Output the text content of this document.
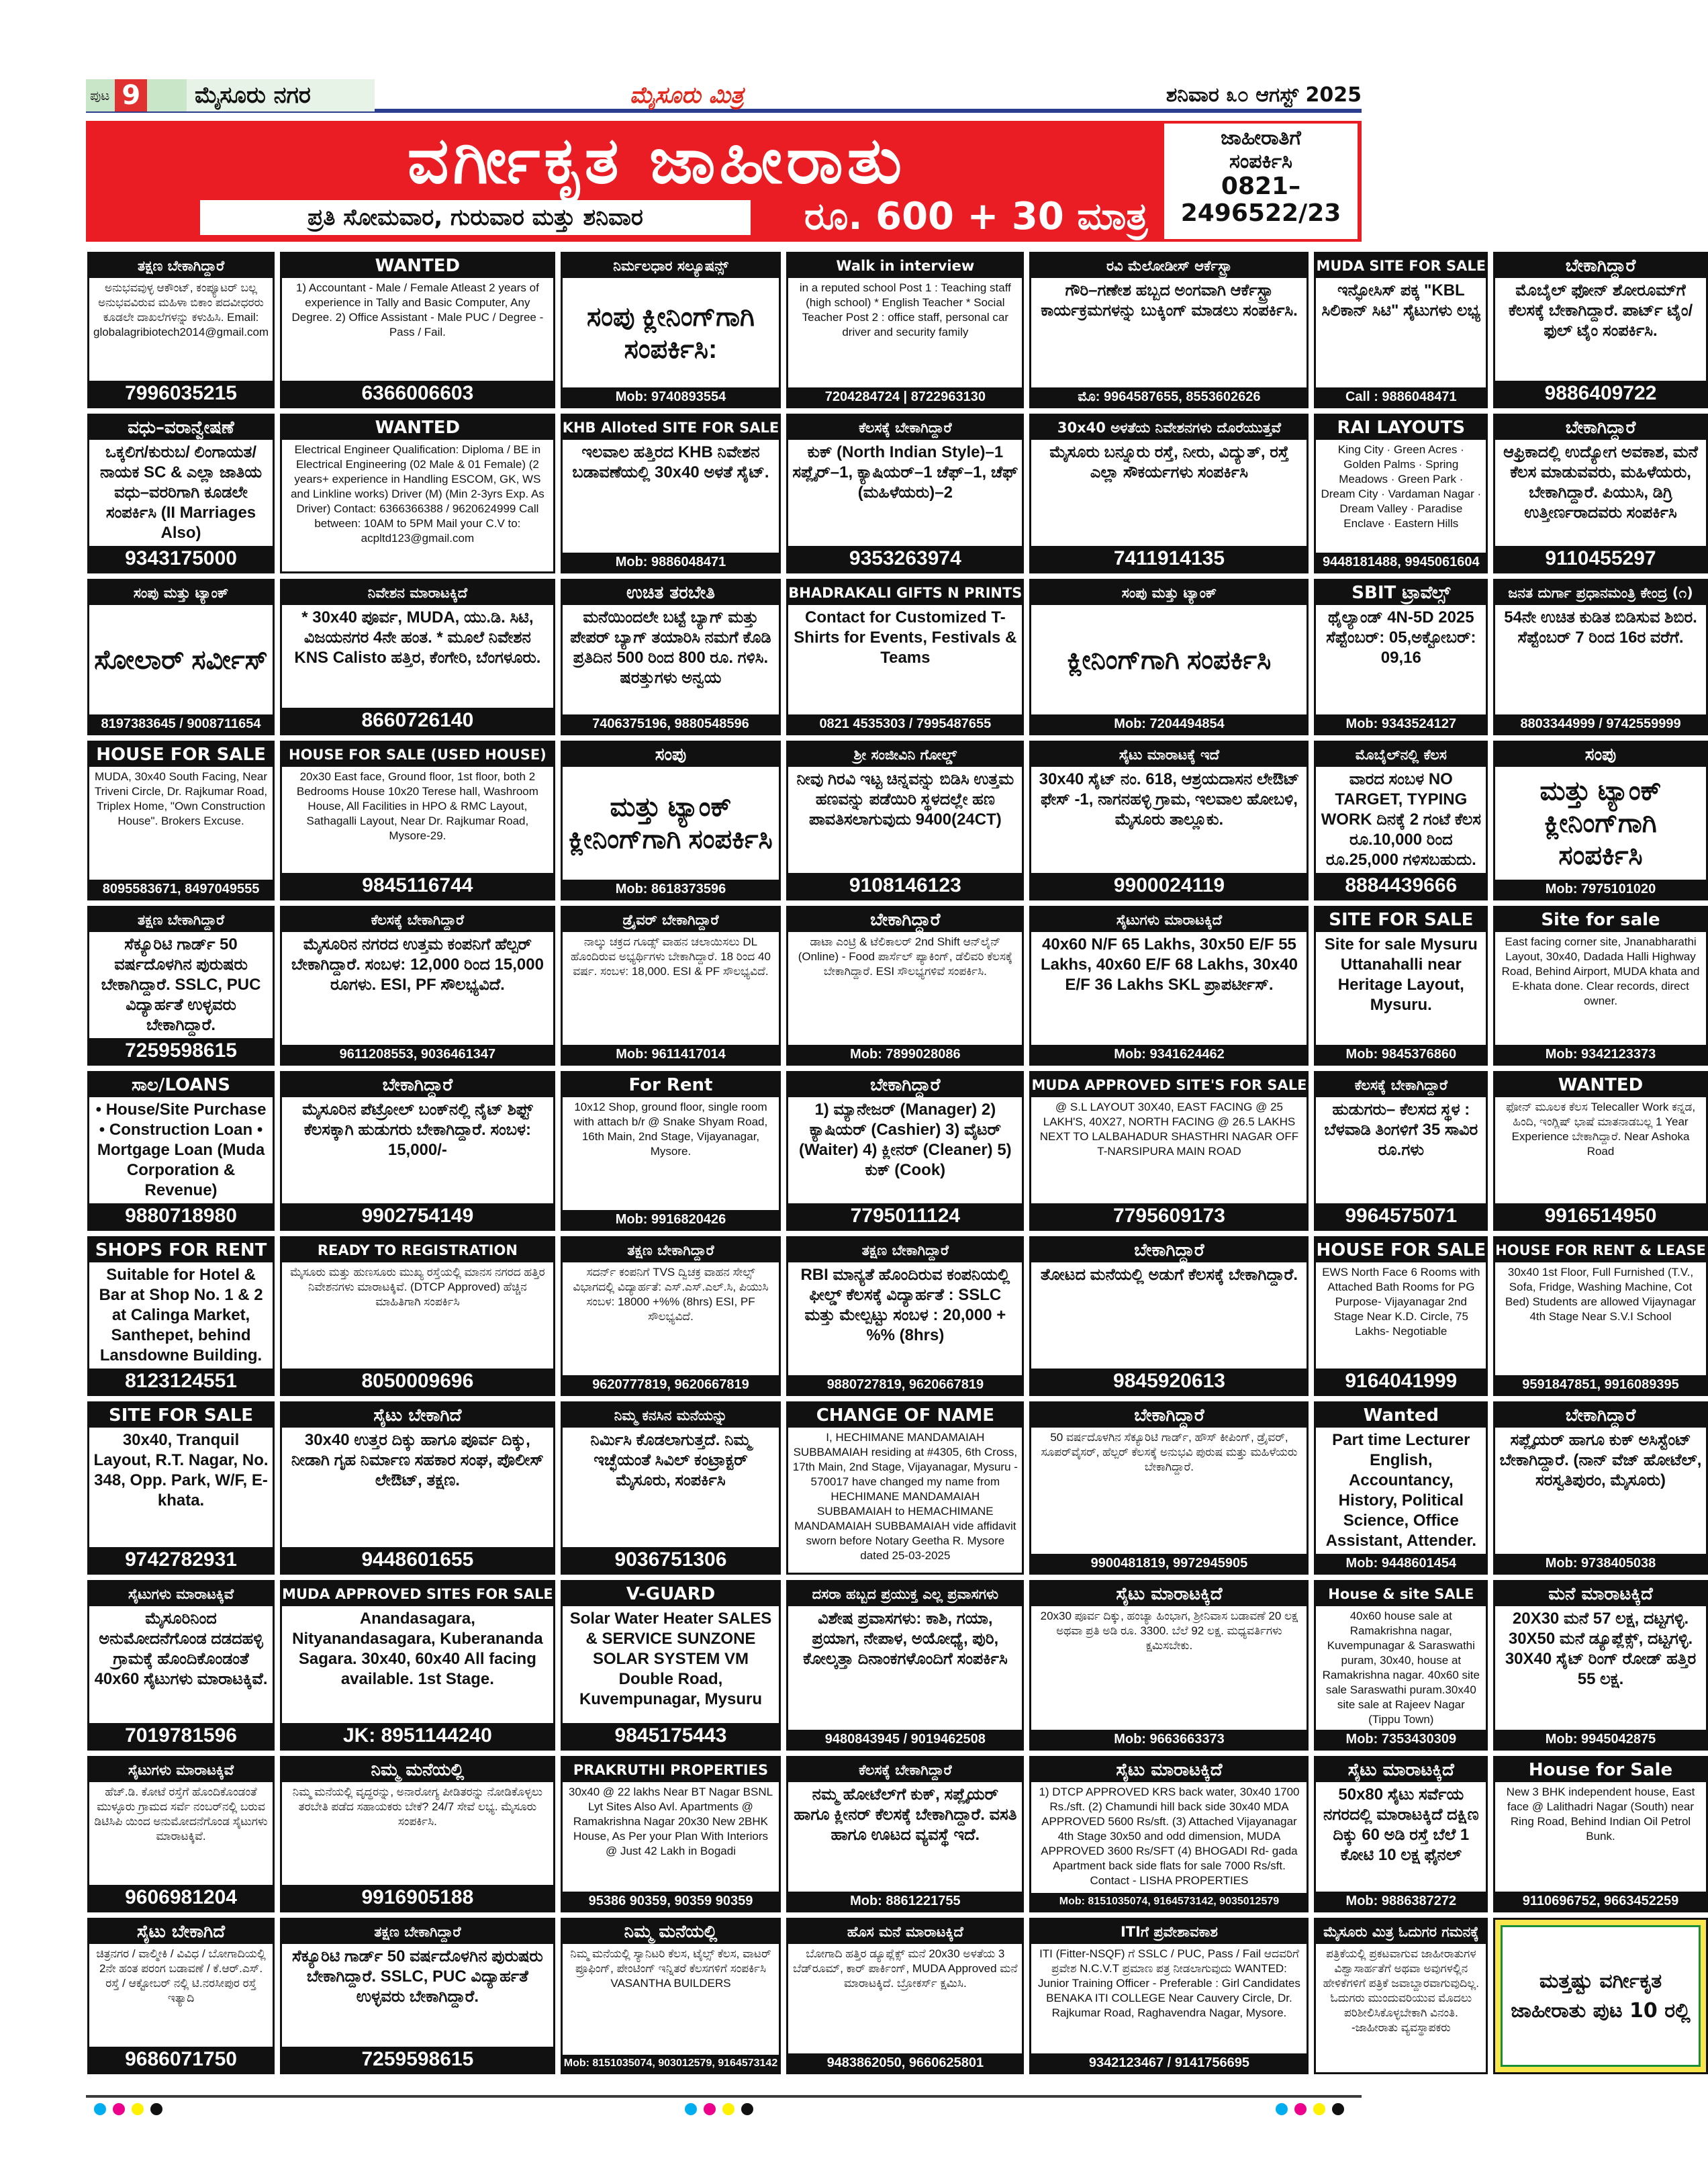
ಪುಟ 9	ಮೈಸೂರು ನಗರ	ಮೈಸೂರು ಮಿತ್ರ	ಶನಿವಾರ ೩೦ ಆಗಸ್ಟ್ 2025
ವರ್ಗೀಕೃತ ಜಾಹೀರಾತು
ಪ್ರತಿ ಸೋಮವಾರ, ಗುರುವಾರ ಮತ್ತು ಶನಿವಾರ	ರೂ. 600 + 30 ಮಾತ್ರ
ಜಾಹೀರಾತಿಗೆ
ಸಂಪರ್ಕಿಸಿ
0821–
2496522/23
ತಕ್ಷಣ ಬೇಕಾಗಿದ್ದಾರೆ
ಅನುಭವವುಳ್ಳ ಆಕೌಂಟ್, ಕಂಪ್ಯೂಟರ್ ಬಲ್ಲ ಅನುಭವವಿರುವ ಮಹಿಳಾ ಬಿಕಾಂ ಪದವೀಧರರು ಕೂಡಲೇ ದಾಖಲೆಗಳನ್ನು ಕಳುಹಿಸಿ. Email: globalagribiotech2014@gmail.com
7996035215
WANTED
1) Accountant - Male / Female Atleast 2 years of experience in Tally and Basic Computer, Any Degree. 2) Office Assistant - Male PUC / Degree - Pass / Fail.
6366006603
ನಿರ್ಮಲಧಾರ ಸಲ್ಯೂಷನ್ಸ್
ಸಂಪು ಕ್ಲೀನಿಂಗ್‌ಗಾಗಿ ಸಂಪರ್ಕಿಸಿ:
Mob: 9740893554
Walk in interview
in a reputed school Post 1 : Teaching staff (high school) * English Teacher * Social Teacher Post 2 : office staff, personal car driver and security family
7204284724 | 8722963130
ರವಿ ಮೆಲೋಡೀಸ್ ಆರ್ಕೆಸ್ಟ್ರಾ
ಗೌರಿ–ಗಣೇಶ ಹಬ್ಬದ ಅಂಗವಾಗಿ ಆರ್ಕೆಸ್ಟ್ರಾ ಕಾರ್ಯಕ್ರಮಗಳನ್ನು ಬುಕ್ಕಿಂಗ್ ಮಾಡಲು ಸಂಪರ್ಕಿಸಿ.
ಮೊ: 9964587655, 8553602626
MUDA SITE FOR SALE
ಇನ್ಫೋಸಿಸ್ ಪಕ್ಕ "KBL ಸಿಲಿಕಾನ್ ಸಿಟಿ" ಸೈಟುಗಳು ಲಭ್ಯ
Call : 9886048471
ಬೇಕಾಗಿದ್ದಾರೆ
ಮೊಬೈಲ್ ಫೋನ್ ಶೋರೂಮ್‌ಗೆ ಕೆಲಸಕ್ಕೆ ಬೇಕಾಗಿದ್ದಾರೆ. ಪಾರ್ಟ್ ಟೈಂ/ ಫುಲ್ ಟೈಂ ಸಂಪರ್ಕಿಸಿ.
9886409722
ವಧು–ವರಾನ್ವೇಷಣೆ
ಒಕ್ಕಲಿಗ/ಕುರುಬ/ ಲಿಂಗಾಯತ/ನಾಯಕ SC & ಎಲ್ಲಾ ಜಾತಿಯ ವಧು–ವರರಿಗಾಗಿ ಕೂಡಲೇ ಸಂಪರ್ಕಿಸಿ (II Marriages Also)
9343175000
WANTED
Electrical Engineer Qualification: Diploma / BE in Electrical Engineering (02 Male & 01 Female) (2 years+ experience in Handling ESCOM, GK, WS and Linkline works) Driver (M) (Min 2-3yrs Exp. As Driver) Contact: 6366366388 / 9620624999 Call between: 10AM to 5PM Mail your C.V to: acpltd123@gmail.com
KHB Alloted SITE FOR SALE
ಇಲವಾಲ ಹತ್ತಿರದ KHB ನಿವೇಶನ ಬಡಾವಣೆಯಲ್ಲಿ 30x40 ಅಳತೆ ಸೈಟ್.
Mob: 9886048471
ಕೆಲಸಕ್ಕೆ ಬೇಕಾಗಿದ್ದಾರೆ
ಕುಕ್ (North Indian Style)–1 ಸಪ್ಲೈರ್–1, ಕ್ಯಾಷಿಯರ್–1 ಚೆಫ್–1, ಚೆಫ್ (ಮಹಿಳೆಯರು)–2
9353263974
30x40 ಅಳತೆಯ ನಿವೇಶನಗಳು ದೊರೆಯುತ್ತವೆ
ಮೈಸೂರು ಬನ್ನೂರು ರಸ್ತೆ, ನೀರು, ವಿದ್ಯುತ್, ರಸ್ತೆ ಎಲ್ಲಾ ಸೌಕರ್ಯಗಳು ಸಂಪರ್ಕಿಸಿ
7411914135
RAI LAYOUTS
King City · Green Acres · Golden Palms · Spring Meadows · Green Park · Dream City · Vardaman Nagar · Dream Valley · Paradise Enclave · Eastern Hills
9448181488, 9945061604
ಬೇಕಾಗಿದ್ದಾರೆ
ಆಫ್ರಿಕಾದಲ್ಲಿ ಉದ್ಯೋಗ ಅವಕಾಶ, ಮನೆ ಕೆಲಸ ಮಾಡುವವರು, ಮಹಿಳೆಯರು, ಬೇಕಾಗಿದ್ದಾರೆ. ಪಿಯುಸಿ, ಡಿಗ್ರಿ ಉತ್ತೀರ್ಣರಾದವರು ಸಂಪರ್ಕಿಸಿ
9110455297
ಸಂಪು ಮತ್ತು ಟ್ಯಾಂಕ್
ಸೋಲಾರ್ ಸರ್ವೀಸ್
8197383645 / 9008711654
ನಿವೇಶನ ಮಾರಾಟಕ್ಕಿದೆ
* 30x40 ಪೂರ್ವ, MUDA, ಯು.ಡಿ. ಸಿಟಿ, ವಿಜಯನಗರ 4ನೇ ಹಂತ. * ಮೂಲೆ ನಿವೇಶನ KNS Calisto ಹತ್ತಿರ, ಕೆಂಗೇರಿ, ಬೆಂಗಳೂರು.
8660726140
ಉಚಿತ ತರಬೇತಿ
ಮನೆಯಿಂದಲೇ ಬಟ್ಟೆ ಬ್ಯಾಗ್ ಮತ್ತು ಪೇಪರ್ ಬ್ಯಾಗ್ ತಯಾರಿಸಿ ನಮಗೆ ಕೊಡಿ ಪ್ರತಿದಿನ 500 ರಿಂದ 800 ರೂ. ಗಳಿಸಿ. ಷರತ್ತುಗಳು ಅನ್ವಯ
7406375196, 9880548596
BHADRAKALI GIFTS N PRINTS
Contact for Customized T-Shirts for Events, Festivals & Teams
0821 4535303 / 7995487655
ಸಂಪು ಮತ್ತು ಟ್ಯಾಂಕ್
ಕ್ಲೀನಿಂಗ್‌ಗಾಗಿ ಸಂಪರ್ಕಿಸಿ
Mob: 7204494854
SBIT ಟ್ರಾವೆಲ್ಸ್
ಥೈಲ್ಯಾಂಡ್ 4N-5D 2025 ಸೆಪ್ಟೆಂಬರ್: 05,ಅಕ್ಟೋಬರ್: 09,16
Mob: 9343524127
ಜನತ ದುರ್ಗಾ ಪ್ರಧಾನಮಂತ್ರಿ ಕೇಂದ್ರ (೧)
54ನೇ ಉಚಿತ ಕುಡಿತ ಬಿಡಿಸುವ ಶಿಬಿರ. ಸೆಪ್ಟೆಂಬರ್ 7 ರಿಂದ 16ರ ವರೆಗೆ.
8803344999 / 9742559999
HOUSE FOR SALE
MUDA, 30x40 South Facing, Near Triveni Circle, Dr. Rajkumar Road, Triplex Home, "Own Construction House". Brokers Excuse.
8095583671, 8497049555
HOUSE FOR SALE (USED HOUSE)
20x30 East face, Ground floor, 1st floor, both 2 Bedrooms House 10x20 Terese hall, Washroom House, All Facilities in HPO & RMC Layout, Sathagalli Layout, Near Dr. Rajkumar Road, Mysore-29.
9845116744
ಸಂಪು
ಮತ್ತು ಟ್ಯಾಂಕ್ ಕ್ಲೀನಿಂಗ್‌ಗಾಗಿ ಸಂಪರ್ಕಿಸಿ
Mob: 8618373596
ಶ್ರೀ ಸಂಜೀವಿನಿ ಗೋಲ್ಡ್
ನೀವು ಗಿರವಿ ಇಟ್ಟ ಚಿನ್ನವನ್ನು ಬಿಡಿಸಿ ಉತ್ತಮ ಹಣವನ್ನು ಪಡೆಯಿರಿ ಸ್ಥಳದಲ್ಲೇ ಹಣ ಪಾವತಿಸಲಾಗುವುದು 9400(24CT)
9108146123
ಸೈಟು ಮಾರಾಟಕ್ಕೆ ಇದೆ
30x40 ಸೈಟ್ ನಂ. 618, ಆಶ್ರಯದಾಸನ ಲೇಔಟ್ ಫೇಸ್ -1, ನಾಗನಹಳ್ಳಿ ಗ್ರಾಮ, ಇಲವಾಲ ಹೋಬಳಿ, ಮೈಸೂರು ತಾಲ್ಲೂಕು.
9900024119
ಮೊಬೈಲ್‌ನಲ್ಲಿ ಕೆಲಸ
ವಾರದ ಸಂಬಳ NO TARGET, TYPING WORK ದಿನಕ್ಕೆ 2 ಗಂಟೆ ಕೆಲಸ ರೂ.10,000 ರಿಂದ ರೂ.25,000 ಗಳಿಸಬಹುದು.
8884439666
ಸಂಪು
ಮತ್ತು ಟ್ಯಾಂಕ್ ಕ್ಲೀನಿಂಗ್‌ಗಾಗಿ ಸಂಪರ್ಕಿಸಿ
Mob: 7975101020
ತಕ್ಷಣ ಬೇಕಾಗಿದ್ದಾರೆ
ಸೆಕ್ಯೂರಿಟಿ ಗಾರ್ಡ್ 50 ವರ್ಷದೊಳಗಿನ ಪುರುಷರು ಬೇಕಾಗಿದ್ದಾರೆ. SSLC, PUC ವಿದ್ಯಾರ್ಹತೆ ಉಳ್ಳವರು ಬೇಕಾಗಿದ್ದಾರೆ.
7259598615
ಕೆಲಸಕ್ಕೆ ಬೇಕಾಗಿದ್ದಾರೆ
ಮೈಸೂರಿನ ನಗರದ ಉತ್ತಮ ಕಂಪನಿಗೆ ಹೆಲ್ಪರ್ ಬೇಕಾಗಿದ್ದಾರೆ. ಸಂಬಳ: 12,000 ರಿಂದ 15,000 ರೂಗಳು. ESI, PF ಸೌಲಭ್ಯವಿದೆ.
9611208553, 9036461347
ಡ್ರೈವರ್ ಬೇಕಾಗಿದ್ದಾರೆ
ನಾಲ್ಕು ಚಕ್ರದ ಗೂಡ್ಸ್ ವಾಹನ ಚಲಾಯಿಸಲು DL ಹೊಂದಿರುವ ಅಭ್ಯರ್ಥಿಗಳು ಬೇಕಾಗಿದ್ದಾರೆ. 18 ರಿಂದ 40 ವರ್ಷ. ಸಂಬಳ: 18,000. ESI & PF ಸೌಲಭ್ಯವಿದೆ.
Mob: 9611417014
ಬೇಕಾಗಿದ್ದಾರೆ
ಡಾಟಾ ಎಂಟ್ರಿ & ಟೆಲಿಕಾಲರ್ 2nd Shift ಆನ್‌ಲೈನ್ (Online) - Food ಪಾರ್ಸೆಲ್ ಪ್ಯಾಕಿಂಗ್, ಡೆಲಿವರಿ ಕೆಲಸಕ್ಕೆ ಬೇಕಾಗಿದ್ದಾರೆ. ESI ಸೌಲಭ್ಯಗಳಿವೆ ಸಂಪರ್ಕಿಸಿ.
Mob: 7899028086
ಸೈಟುಗಳು ಮಾರಾಟಕ್ಕಿದೆ
40x60 N/F 65 Lakhs, 30x50 E/F 55 Lakhs, 40x60 E/F 68 Lakhs, 30x40 E/F 36 Lakhs SKL ಪ್ರಾಪರ್ಟೀಸ್.
Mob: 9341624462
SITE FOR SALE
Site for sale Mysuru Uttanahalli near Heritage Layout, Mysuru.
Mob: 9845376860
Site for sale
East facing corner site, Jnanabharathi Layout, 30x40, Dadada Halli Highway Road, Behind Airport, MUDA khata and E-khata done. Clear records, direct owner.
Mob: 9342123373
ಸಾಲ/LOANS
• House/Site Purchase • Construction Loan • Mortgage Loan (Muda Corporation & Revenue)
9880718980
ಬೇಕಾಗಿದ್ದಾರೆ
ಮೈಸೂರಿನ ಪೆಟ್ರೋಲ್ ಬಂಕ್‌ನಲ್ಲಿ ನೈಟ್ ಶಿಫ್ಟ್ ಕೆಲಸಕ್ಕಾಗಿ ಹುಡುಗರು ಬೇಕಾಗಿದ್ದಾರೆ. ಸಂಬಳ: 15,000/-
9902754149
For Rent
10x12 Shop, ground floor, single room with attach b/r @ Snake Shyam Road, 16th Main, 2nd Stage, Vijayanagar, Mysore.
Mob: 9916820426
ಬೇಕಾಗಿದ್ದಾರೆ
1) ಮ್ಯಾನೇಜರ್ (Manager) 2) ಕ್ಯಾಷಿಯರ್ (Cashier) 3) ವೈಟರ್ (Waiter) 4) ಕ್ಲೀನರ್ (Cleaner) 5) ಕುಕ್ (Cook)
7795011124
MUDA APPROVED SITE'S FOR SALE
@ S.L LAYOUT 30X40, EAST FACING @ 25 LAKH'S, 40X27, NORTH FACING @ 26.5 LAKHS NEXT TO LALBAHADUR SHASTHRI NAGAR OFF T-NARSIPURA MAIN ROAD
7795609173
ಕೆಲಸಕ್ಕೆ ಬೇಕಾಗಿದ್ದಾರೆ
ಹುಡುಗರು– ಕೆಲಸದ ಸ್ಥಳ : ಬೆಳವಾಡಿ ತಿಂಗಳಿಗೆ 35 ಸಾವಿರ ರೂ.ಗಳು
9964575071
WANTED
ಫೋನ್ ಮೂಲಕ ಕೆಲಸ Telecaller Work ಕನ್ನಡ, ಹಿಂದಿ, ಇಂಗ್ಲಿಷ್ ಭಾಷೆ ಮಾತನಾಡಬಲ್ಲ 1 Year Experience ಬೇಕಾಗಿದ್ದಾರೆ. Near Ashoka Road
9916514950
SHOPS FOR RENT
Suitable for Hotel & Bar at Shop No. 1 & 2 at Calinga Market, Santhepet, behind Lansdowne Building.
8123124551
READY TO REGISTRATION
ಮೈಸೂರು ಮತ್ತು ಹುಣಸೂರು ಮುಖ್ಯ ರಸ್ತೆಯಲ್ಲಿ ಮಾನಸ ನಗರದ ಹತ್ತಿರ ನಿವೇಶನಗಳು ಮಾರಾಟಕ್ಕಿವೆ. (DTCP Approved) ಹೆಚ್ಚಿನ ಮಾಹಿತಿಗಾಗಿ ಸಂಪರ್ಕಿಸಿ
8050009696
ತಕ್ಷಣ ಬೇಕಾಗಿದ್ದಾರೆ
ಸದರ್ನ್ ಕಂಪನಿಗೆ TVS ದ್ವಿಚಕ್ರ ವಾಹನ ಸೇಲ್ಸ್ ವಿಭಾಗದಲ್ಲಿ ವಿದ್ಯಾರ್ಹತೆ: ಎಸ್.ಎಸ್.ಎಲ್.ಸಿ, ಪಿಯುಸಿ ಸಂಬಳ: 18000 +%% (8hrs) ESI, PF ಸೌಲಭ್ಯವಿದೆ.
9620777819, 9620667819
ತಕ್ಷಣ ಬೇಕಾಗಿದ್ದಾರೆ
RBI ಮಾನ್ಯತೆ ಹೊಂದಿರುವ ಕಂಪನಿಯಲ್ಲಿ ಫೀಲ್ಡ್ ಕೆಲಸಕ್ಕೆ ವಿದ್ಯಾರ್ಹತೆ : SSLC ಮತ್ತು ಮೇಲ್ಪಟ್ಟು ಸಂಬಳ : 20,000 + %% (8hrs)
9880727819, 9620667819
ಬೇಕಾಗಿದ್ದಾರೆ
ತೋಟದ ಮನೆಯಲ್ಲಿ ಅಡುಗೆ ಕೆಲಸಕ್ಕೆ ಬೇಕಾಗಿದ್ದಾರೆ.
9845920613
HOUSE FOR SALE
EWS North Face 6 Rooms with Attached Bath Rooms for PG Purpose- Vijayanagar 2nd Stage Near K.D. Circle, 75 Lakhs- Negotiable
9164041999
HOUSE FOR RENT & LEASE
30x40 1st Floor, Full Furnished (T.V., Sofa, Fridge, Washing Machine, Cot Bed) Students are allowed Vijaynagar 4th Stage Near S.V.I School
9591847851, 9916089395
SITE FOR SALE
30x40, Tranquil Layout, R.T. Nagar, No. 348, Opp. Park, W/F, E-khata.
9742782931
ಸೈಟು ಬೇಕಾಗಿದೆ
30x40 ಉತ್ತರ ದಿಕ್ಕು ಹಾಗೂ ಪೂರ್ವ ದಿಕ್ಕು, ನೀಡಾಗಿ ಗೃಹ ನಿರ್ಮಾಣ ಸಹಕಾರ ಸಂಘ, ಪೊಲೀಸ್ ಲೇಔಟ್, ತಕ್ಷಣ.
9448601655
ನಿಮ್ಮ ಕನಸಿನ ಮನೆಯನ್ನು
ನಿರ್ಮಿಸಿ ಕೊಡಲಾಗುತ್ತದೆ. ನಿಮ್ಮ ಇಚ್ಛೆಯಂತೆ ಸಿವಿಲ್ ಕಂಟ್ರಾಕ್ಟರ್ ಮೈಸೂರು, ಸಂಪರ್ಕಿಸಿ
9036751306
CHANGE OF NAME
I, HECHIMANE MANDAMAIAH SUBBAMAIAH residing at #4305, 6th Cross, 17th Main, 2nd Stage, Vijayanagar, Mysuru - 570017 have changed my name from HECHIMANE MANDAMAIAH SUBBAMAIAH to HEMACHIMANE MANDAMAIAH SUBBAMAIAH vide affidavit sworn before Notary Geetha R. Mysore dated 25-03-2025
ಬೇಕಾಗಿದ್ದಾರೆ
50 ವರ್ಷದೊಳಗಿನ ಸೆಕ್ಯೂರಿಟಿ ಗಾರ್ಡ್, ಹೌಸ್ ಕೀಪಿಂಗ್, ಡ್ರೈವರ್, ಸೂಪರ್‌ವೈಸರ್, ಹೆಲ್ಪರ್ ಕೆಲಸಕ್ಕೆ ಅನುಭವಿ ಪುರುಷ ಮತ್ತು ಮಹಿಳೆಯರು ಬೇಕಾಗಿದ್ದಾರೆ.
9900481819, 9972945905
Wanted
Part time Lecturer English, Accountancy, History, Political Science, Office Assistant, Attender.
Mob: 9448601454
ಬೇಕಾಗಿದ್ದಾರೆ
ಸಪ್ಲೈಯರ್ ಹಾಗೂ ಕುಕ್ ಅಸಿಸ್ಟೆಂಟ್ ಬೇಕಾಗಿದ್ದಾರೆ. (ನಾನ್ ವೆಜ್ ಹೋಟೆಲ್, ಸರಸ್ವತಿಪುರಂ, ಮೈಸೂರು)
Mob: 9738405038
ಸೈಟುಗಳು ಮಾರಾಟಕ್ಕಿವೆ
ಮೈಸೂರಿನಿಂದ ಅನುಮೋದನೆಗೊಂಡ ದಡದಹಳ್ಳಿ ಗ್ರಾಮಕ್ಕೆ ಹೊಂದಿಕೊಂಡಂತೆ 40x60 ಸೈಟುಗಳು ಮಾರಾಟಕ್ಕಿವೆ.
7019781596
MUDA APPROVED SITES FOR SALE
Anandasagara, Nityanandasagara, Kuberananda Sagara. 30x40, 60x40 All facing available. 1st Stage.
JK: 8951144240
V-GUARD
Solar Water Heater SALES & SERVICE SUNZONE SOLAR SYSTEM VM Double Road, Kuvempunagar, Mysuru
9845175443
ದಸರಾ ಹಬ್ಬದ ಪ್ರಯುಕ್ತ ಎಲ್ಲ ಪ್ರವಾಸಗಳು
ವಿಶೇಷ ಪ್ರವಾಸಗಳು: ಕಾಶಿ, ಗಯಾ, ಪ್ರಯಾಗ, ನೇಪಾಳ, ಅಯೋಧ್ಯೆ, ಪುರಿ, ಕೋಲ್ಕತ್ತಾ ದಿನಾಂಕಗಳೊಂದಿಗೆ ಸಂಪರ್ಕಿಸಿ
9480843945 / 9019462508
ಸೈಟು ಮಾರಾಟಕ್ಕಿದೆ
20x30 ಪೂರ್ವ ದಿಕ್ಕು, ಹಂಚ್ಯಾ ಹಿಂಭಾಗ, ಶ್ರೀನಿವಾಸ ಬಡಾವಣೆ 20 ಲಕ್ಷ ಅಥವಾ ಪ್ರತಿ ಅಡಿ ರೂ. 3300. ಬೆಲೆ 92 ಲಕ್ಷ. ಮಧ್ಯವರ್ತಿಗಳು ಕ್ಷಮಿಸಬೇಕು.
Mob: 9663663373
House & site SALE
40x60 house sale at Ramakrishna nagar, Kuvempunagar & Saraswathi puram, 30x40, house at Ramakrishna nagar. 40x60 site sale Saraswathi puram.30x40 site sale at Rajeev Nagar (Tippu Town)
Mob: 7353430309
ಮನೆ ಮಾರಾಟಕ್ಕಿದೆ
20X30 ಮನೆ 57 ಲಕ್ಷ, ದಟ್ಟಗಳ್ಳಿ. 30X50 ಮನೆ ಡ್ಯೂಪ್ಲೆಕ್ಸ್, ದಟ್ಟಗಳ್ಳಿ. 30X40 ಸೈಟ್ ರಿಂಗ್ ರೋಡ್ ಹತ್ತಿರ 55 ಲಕ್ಷ.
Mob: 9945042875
ಸೈಟುಗಳು ಮಾರಾಟಕ್ಕಿವೆ
ಹೆಚ್.ಡಿ. ಕೋಟೆ ರಸ್ತೆಗೆ ಹೊಂದಿಕೊಂಡಂತೆ ಮುಳ್ಳೂರು ಗ್ರಾಮದ ಸರ್ವೆ ನಂಬರ್‌ನಲ್ಲಿ ಬರುವ ಡಿಟಿಸಿಪಿ ಯಿಂದ ಅನುಮೋದನೆಗೊಂಡ ಸೈಟುಗಳು ಮಾರಾಟಕ್ಕಿವೆ.
9606981204
ನಿಮ್ಮ ಮನೆಯಲ್ಲಿ
ನಿಮ್ಮ ಮನೆಯಲ್ಲಿ ವೃದ್ಧರನ್ನು, ಅನಾರೋಗ್ಯ ಪೀಡಿತರನ್ನು ನೋಡಿಕೊಳ್ಳಲು ತರಬೇತಿ ಪಡೆದ ಸಹಾಯಕರು ಬೇಕೆ? 24/7 ಸೇವೆ ಲಭ್ಯ. ಮೈಸೂರು ಸಂಪರ್ಕಿಸಿ.
9916905188
PRAKRUTHI PROPERTIES
30x40 @ 22 lakhs Near BT Nagar BSNL Lyt Sites Also Avl. Apartments @ Ramakrishna Nagar 20x30 New 2BHK House, As Per your Plan With Interiors @ Just 42 Lakh in Bogadi
95386 90359, 90359 90359
ಕೆಲಸಕ್ಕೆ ಬೇಕಾಗಿದ್ದಾರೆ
ನಮ್ಮ ಹೋಟೆಲ್‌ಗೆ ಕುಕ್, ಸಪ್ಲೈಯರ್ ಹಾಗೂ ಕ್ಲೀನರ್ ಕೆಲಸಕ್ಕೆ ಬೇಕಾಗಿದ್ದಾರೆ. ವಸತಿ ಹಾಗೂ ಊಟದ ವ್ಯವಸ್ಥೆ ಇದೆ.
Mob: 8861221755
ಸೈಟು ಮಾರಾಟಕ್ಕಿದೆ
1) DTCP APPROVED KRS back water, 30x40 1700 Rs./sft. (2) Chamundi hill back side 30x40 MDA APPROVED 5600 Rs/sft. (3) Attached Vijayanagar 4th Stage 30x50 and odd dimension, MUDA APPROVED 3600 Rs/SFT (4) BHOGADI Rd- gada Apartment back side flats for sale 7000 Rs/sft. Contact - LISHA PROPERTIES
Mob: 8151035074, 9164573142, 9035012579
ಸೈಟು ಮಾರಾಟಕ್ಕಿದೆ
50x80 ಸೈಟು ಸರ್ವೆಯ ನಗರದಲ್ಲಿ ಮಾರಾಟಕ್ಕಿದೆ ದಕ್ಷಿಣ ದಿಕ್ಕು 60 ಅಡಿ ರಸ್ತೆ ಬೆಲೆ 1 ಕೋಟಿ 10 ಲಕ್ಷ ಫೈನಲ್
Mob: 9886387272
House for Sale
New 3 BHK independent house, East face @ Lalithadri Nagar (South) near Ring Road, Behind Indian Oil Petrol Bunk.
9110696752, 9663452259
ಸೈಟು ಬೇಕಾಗಿದೆ
ಚಿತ್ರನಗರ / ವಾಲ್ಮೀಕಿ / ವಿವಿಧ / ಬೋಗಾದಿಯಲ್ಲಿ 2ನೇ ಹಂತ ಪರಂಗ ಬಡಾವಣೆ / ಕೆ.ಆರ್.ಎಸ್. ರಸ್ತೆ / ಆಕ್ಟೋಬರ್ ನಲ್ಲಿ ಟಿ.ನರಸೀಪುರ ರಸ್ತೆ ಇತ್ಯಾದಿ
9686071750
ತಕ್ಷಣ ಬೇಕಾಗಿದ್ದಾರೆ
ಸೆಕ್ಯೂರಿಟಿ ಗಾರ್ಡ್ 50 ವರ್ಷದೊಳಗಿನ ಪುರುಷರು ಬೇಕಾಗಿದ್ದಾರೆ. SSLC, PUC ವಿದ್ಯಾರ್ಹತೆ ಉಳ್ಳವರು ಬೇಕಾಗಿದ್ದಾರೆ.
7259598615
ನಿಮ್ಮ ಮನೆಯಲ್ಲಿ
ನಿಮ್ಮ ಮನೆಯಲ್ಲಿ ಸ್ಯಾನಿಟರಿ ಕೆಲಸ, ಟೈಲ್ಸ್ ಕೆಲಸ, ವಾಟರ್ ಪ್ರೂಫಿಂಗ್, ಪೇಂಟಿಂಗ್ ಇನ್ನಿತರೆ ಕೆಲಸಗಳಿಗೆ ಸಂಪರ್ಕಿಸಿ VASANTHA BUILDERS
Mob: 8151035074, 903012579, 9164573142
ಹೊಸ ಮನೆ ಮಾರಾಟಕ್ಕಿದೆ
ಬೋಗಾದಿ ಹತ್ತಿರ ಡ್ಯೂಪ್ಲೆಕ್ಸ್ ಮನೆ 20x30 ಅಳತೆಯ 3 ಬೆಡ್‌ರೂಮ್, ಕಾರ್ ಪಾರ್ಕಿಂಗ್, MUDA Approved ಮನೆ ಮಾರಾಟಕ್ಕಿದೆ. ಬ್ರೋಕರ್ಸ್ ಕ್ಷಮಿಸಿ.
9483862050, 9660625801
ITIಗೆ ಪ್ರವೇಶಾವಕಾಶ
ITI (Fitter-NSQF) ಗೆ SSLC / PUC, Pass / Fail ಆದವರಿಗೆ ಪ್ರವೇಶ N.C.V.T ಪ್ರಮಾಣ ಪತ್ರ ನೀಡಲಾಗುವುದು WANTED: Junior Training Officer - Preferable : Girl Candidates BENAKA ITI COLLEGE Near Cauvery Circle, Dr. Rajkumar Road, Raghavendra Nagar, Mysore.
9342123467 / 9141756695
ಮೈಸೂರು ಮಿತ್ರ ಓದುಗರ ಗಮನಕ್ಕೆ
ಪತ್ರಿಕೆಯಲ್ಲಿ ಪ್ರಕಟವಾಗುವ ಜಾಹೀರಾತುಗಳ ವಿಶ್ವಾಸಾರ್ಹತೆಗೆ ಅಥವಾ ಅವುಗಳಲ್ಲಿನ ಹೇಳಿಕೆಗಳಿಗೆ ಪತ್ರಿಕೆ ಜವಾಬ್ದಾರವಾಗುವುದಿಲ್ಲ. ಓದುಗರು ಮುಂದುವರಿಯುವ ಮೊದಲು ಪರಿಶೀಲಿಸಿಕೊಳ್ಳಬೇಕಾಗಿ ವಿನಂತಿ. -ಜಾಹೀರಾತು ವ್ಯವಸ್ಥಾಪಕರು
ಮತ್ತಷ್ಟು ವರ್ಗೀಕೃತ ಜಾಹೀರಾತು ಪುಟ 10 ರಲ್ಲಿ
